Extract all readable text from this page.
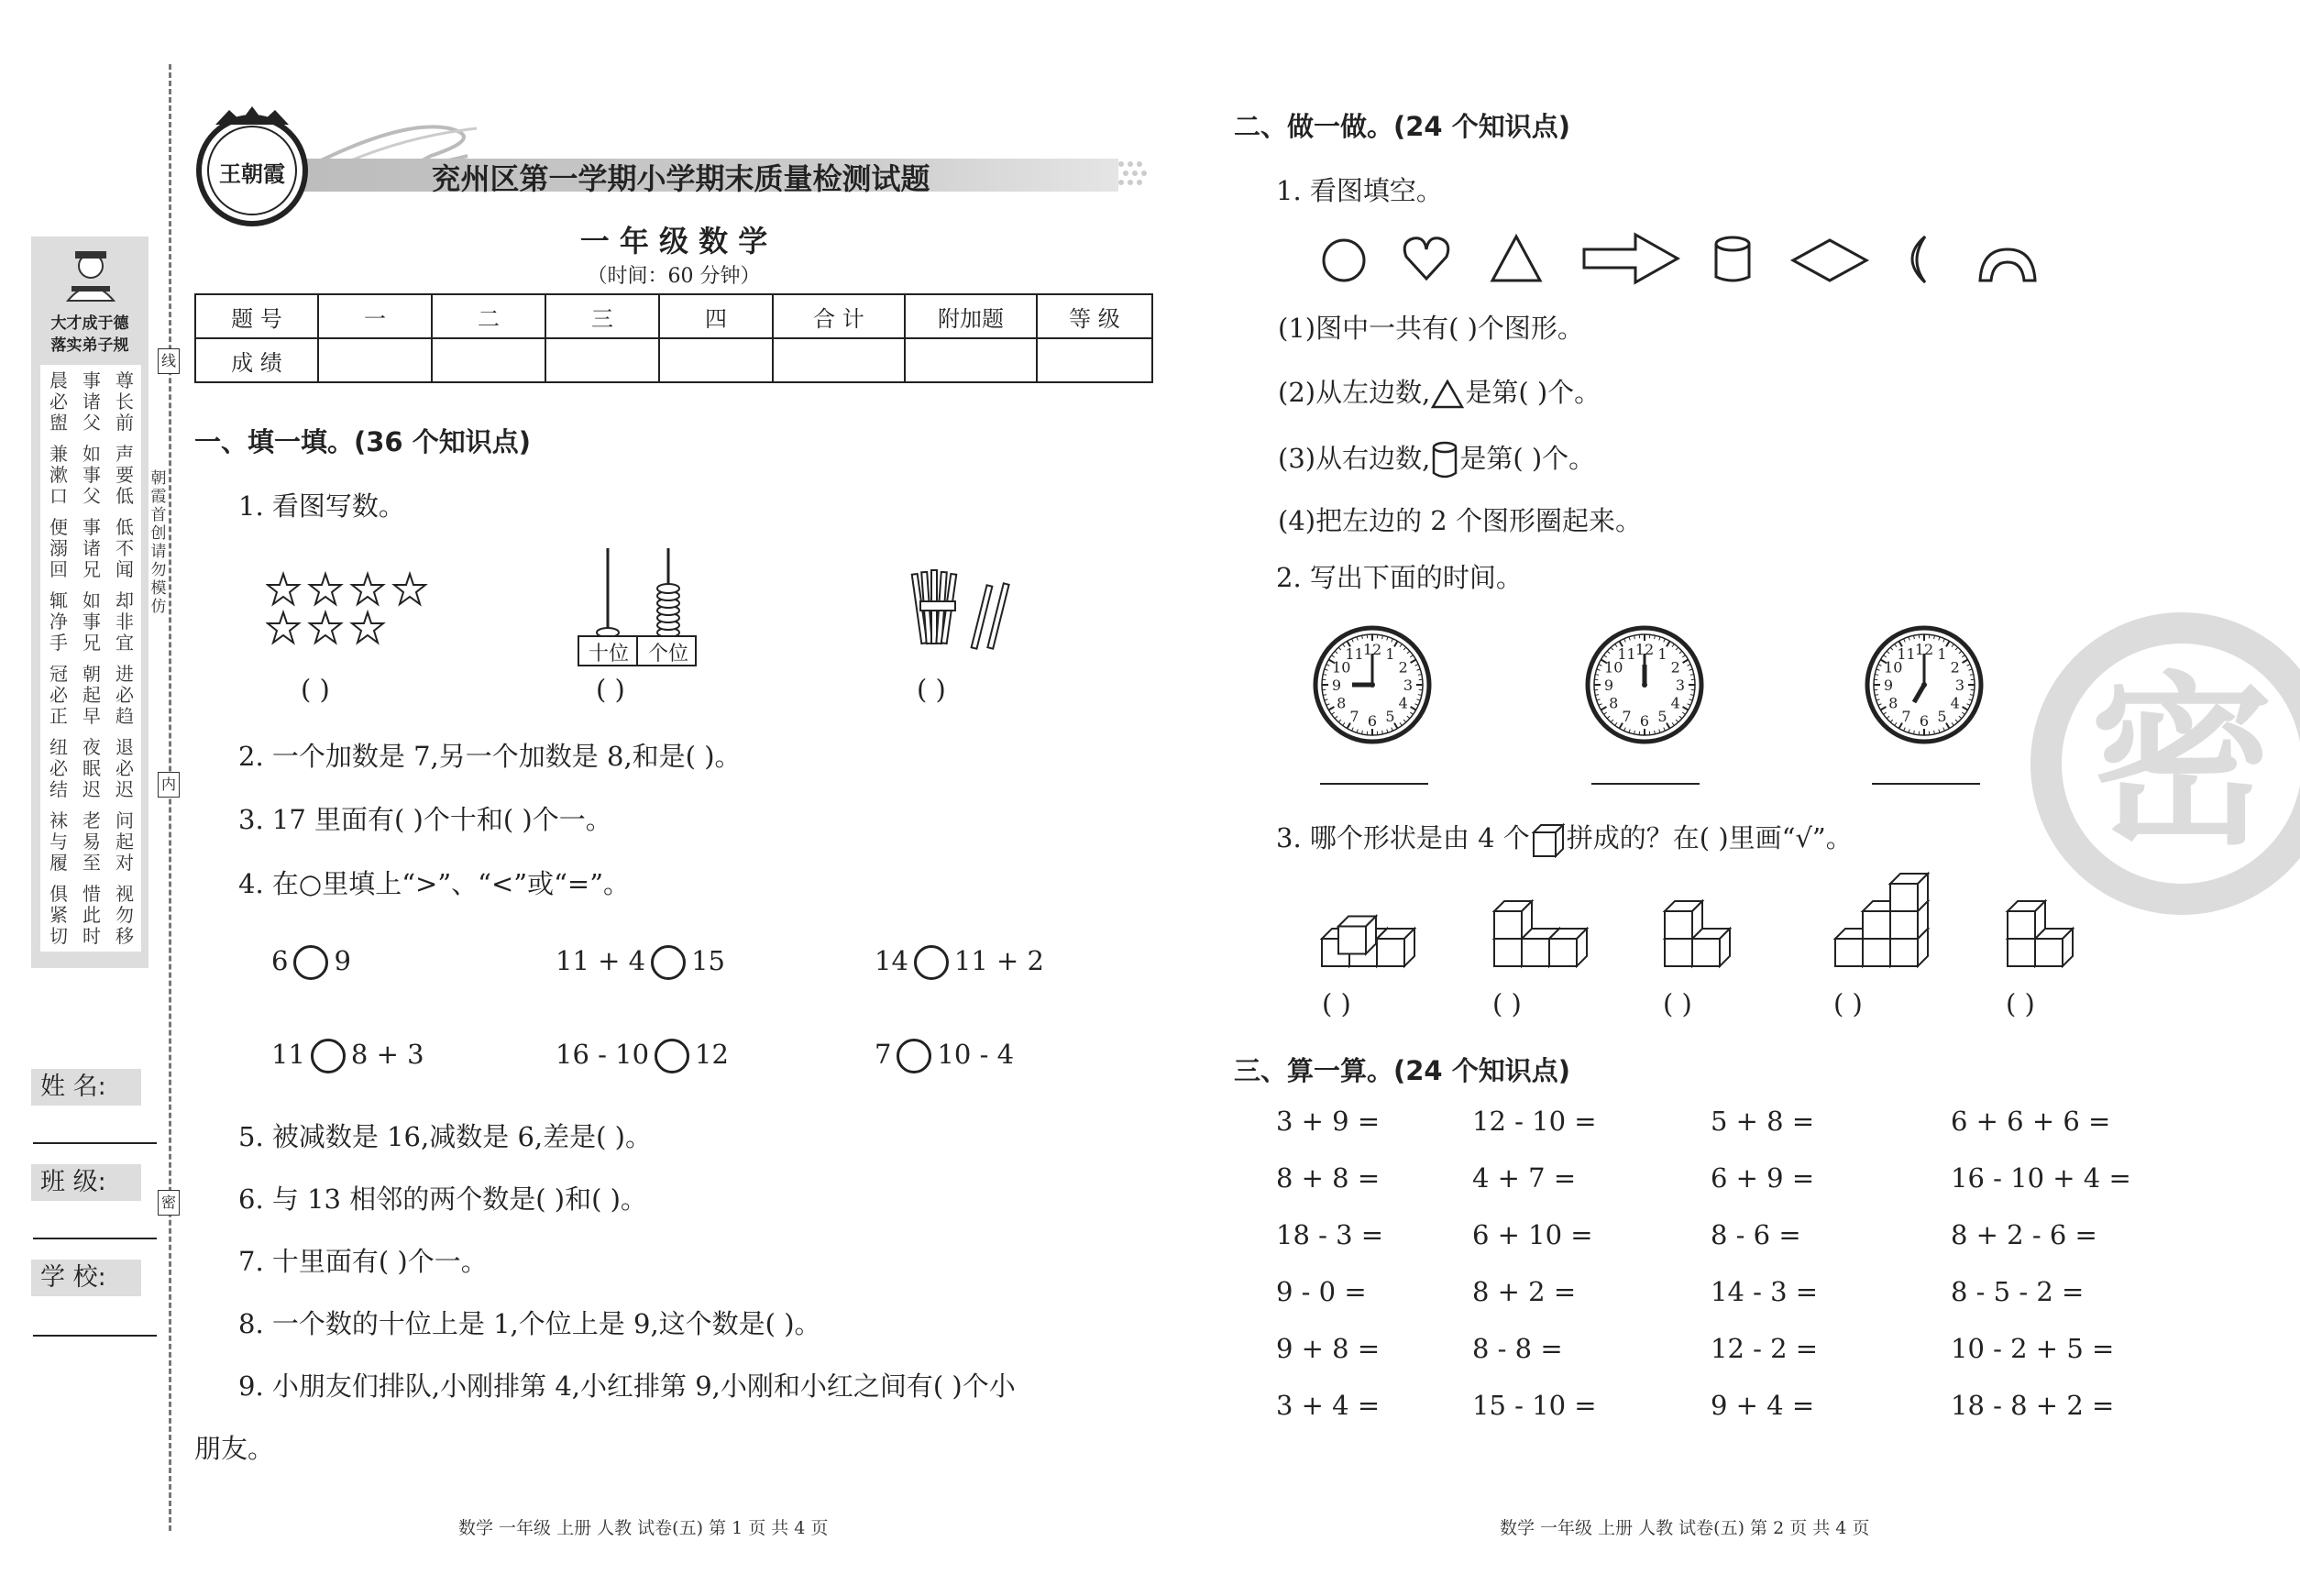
大才成于德
落实弟子规
晨
必
盥
事
诸
父
尊
长
前
兼
漱
口
如
事
父
声
要
低
便
溺
回
事
诸
兄
低
不
闻
辄
净
手
如
事
兄
却
非
宜
冠
必
正
朝
起
早
进
必
趋
纽
必
结
夜
眠
迟
退
必
迟
袜
与
履
老
易
至
问
起
对
俱
紧
切
惜
此
时
视
勿
移
朝霞首创 请勿模仿
线
内
密
姓 名:
班 级:
学 校:
王朝霞	兖州区第一学期小学期末质量检测试题
一 年 级 数 学
（时间：60 分钟）
题 号	一	二	三	四	合 计	附加题	等 级
成 绩							
一、填一填。(36 个知识点)
1. 看图写数。
十位 个位
( )	( )	( )
2. 一个加数是 7,另一个加数是 8,和是( )。
3. 17 里面有( )个十和( )个一。
4. 在○里填上“>”、“<”或“=”。
6 9	11 + 4 15	14 11 + 2
11 8 + 3	16 - 10 12	7 10 - 4
5. 被减数是 16,减数是 6,差是( )。
6. 与 13 相邻的两个数是( )和( )。
7. 十里面有( )个一。
8. 一个数的十位上是 1,个位上是 9,这个数是( )。
9. 小朋友们排队,小刚排第 4,小红排第 9,小刚和小红之间有( )个小
朋友。
数学 一年级 上册 人教 试卷(五) 第 1 页 共 4 页
密
二、做一做。(24 个知识点)
1. 看图填空。
(1)图中一共有( )个图形。
(2)从左边数, 是第( )个。
(3)从右边数, 是第( )个。
(4)把左边的 2 个图形圈起来。
2. 写出下面的时间。
12 1
2
3
4
5
6
7
8
9
10
11	12 1
2
3
4
5
6
7
8
9
10
11	12 1
2
3
4
5
6
7
8
9
10
11
3. 哪个形状是由 4 个 拼成的？在( )里画“√”。
( )	( )	( )	( )	( )
三、算一算。(24 个知识点)
3 + 9 =	12 - 10 =	5 + 8 =	6 + 6 + 6 =
8 + 8 =	4 + 7 =	6 + 9 =	16 - 10 + 4 =
18 - 3 =	6 + 10 =	8 - 6 =	8 + 2 - 6 =
9 - 0 =	8 + 2 =	14 - 3 =	8 - 5 - 2 =
9 + 8 =	8 - 8 =	12 - 2 =	10 - 2 + 5 =
3 + 4 =	15 - 10 =	9 + 4 =	18 - 8 + 2 =
数学 一年级 上册 人教 试卷(五) 第 2 页 共 4 页
